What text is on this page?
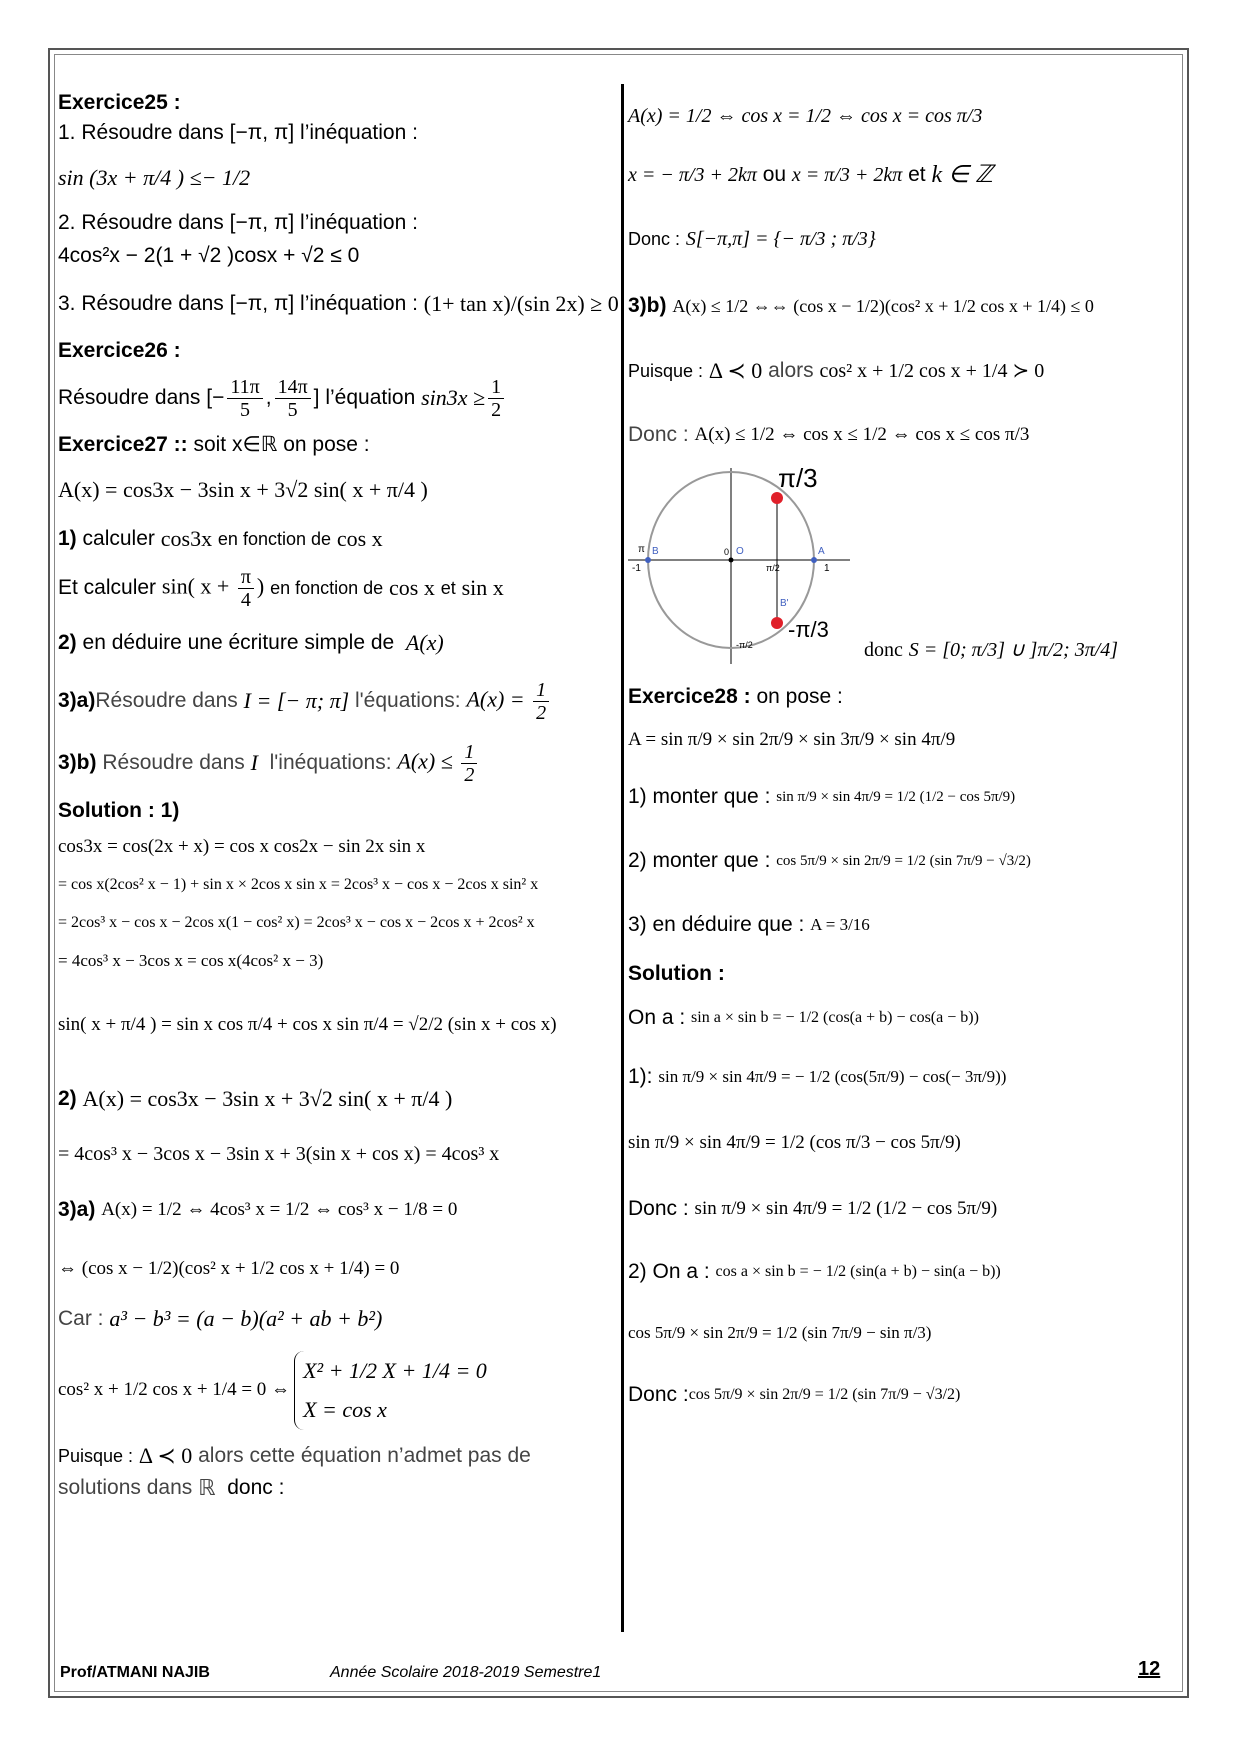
Exercice25 :

1. Résoudre dans [−π, π] l’inéquation :

sin (3x + π/4 ) ≤− 1/2

2. Résoudre dans [−π, π] l’inéquation :

4cos²x − 2(1 + √2 )cosx + √2 ≤ 0

3. Résoudre dans [−π, π] l’inéquation :
(1+ tan x)/(sin 2x) ≥ 0

Exercice26 :

Résoudre dans [− $\frac{11\pi}{5}$ , $\frac{14\pi}{5}$ ] l’équation
$\sin 3x \ge \frac{1}{2}$

Exercice27 ::
soit x∈ℝ on pose :

A(x) = cos3x − 3sin x + 3√2 sin( x + π/4 )

1)
calculer
cos3x
en fonction de
cos x

Et calculer
sin( $x + \frac{\pi}{4}$ )
en fonction de
cos x
et
sin x

2)
en déduire une écriture simple de
A(x)

3)a) Résoudre dans
I = [− π; π]
l'équations:
$A(x) = \frac{1}{2}$

3)b)
Résoudre dans
I
l'inéquations:
$A(x) \le \frac{1}{2}$

Solution : 1)

cos3x = cos(2x + x) = cos x cos2x − sin 2x sin x

= cos x(2cos² x − 1) + sin x × 2cos x sin x = 2cos³ x − cos x − 2cos x sin² x

= 2cos³ x − cos x − 2cos x(1 − cos² x) = 2cos³ x − cos x − 2cos x + 2cos² x

= 4cos³ x − 3cos x = cos x(4cos² x − 3)

sin( x + π/4 ) = sin x cos π/4 + cos x sin π/4 = √2/2 (sin x + cos x)

2)
A(x) = cos3x − 3sin x + 3√2 sin( x + π/4 )

= 4cos³ x − 3cos x − 3sin x + 3(sin x + cos x) = 4cos³ x

3)a)
A(x) = 1/2 ⇔ 4cos³ x = 1/2 ⇔ cos³ x − 1/8 = 0

⇔ (cos x − 1/2)(cos² x + 1/2 cos x + 1/4) = 0

Car :
a³ − b³ = (a − b)(a² + ab + b²)

cos² x + 1/2 cos x + 1/4 = 0 ⇔
X² + 1/2 X + 1/4 = 0
X = cos x

Puisque :
Δ ≺ 0
alors cette équation n’admet pas de

solutions dans
ℝ
donc :

A(x) = 1/2 ⇔ cos x = 1/2 ⇔ cos x = cos π/3

x = − π/3 + 2kπ
ou
x = π/3 + 2kπ
et
k ∈ ℤ

Donc :
S[−π,π] = {− π/3 ; π/3}

3)b)
A(x) ≤ 1/2 ⇔⇔ (cos x − 1/2)(cos² x + 1/2 cos x + 1/4) ≤ 0

Puisque :
Δ ≺ 0
alors
cos² x + 1/2 cos x + 1/4 ≻ 0

Donc :
A(x) ≤ 1/2 ⇔ cos x ≤ 1/2 ⇔ cos x ≤ cos π/3

π/3
-π/3
π B	A
O
0
1
-1	π/2
-π/2
B'
donc
S = [0; π/3] ∪ ]π/2; 3π/4]

Exercice28 :
on pose :

A = sin π/9 × sin 2π/9 × sin 3π/9 × sin 4π/9

1) monter que :
sin π/9 × sin 4π/9 = 1/2 (1/2 − cos 5π/9)

2) monter que :
cos 5π/9 × sin 2π/9 = 1/2 (sin 7π/9 − √3/2)

3) en déduire que :
A = 3/16

Solution :

On a :
sin a × sin b = − 1/2 (cos(a + b) − cos(a − b))

1):
sin π/9 × sin 4π/9 = − 1/2 (cos(5π/9) − cos(− 3π/9))

sin π/9 × sin 4π/9 = 1/2 (cos π/3 − cos 5π/9)

Donc :
sin π/9 × sin 4π/9 = 1/2 (1/2 − cos 5π/9)

2) On a :
cos a × sin b = − 1/2 (sin(a + b) − sin(a − b))

cos 5π/9 × sin 2π/9 = 1/2 (sin 7π/9 − sin π/3)

Donc : cos 5π/9 × sin 2π/9 = 1/2 (sin 7π/9 − √3/2)

Prof/ATMANI NAJIB	Année Scolaire 2018-2019 Semestre1	12
